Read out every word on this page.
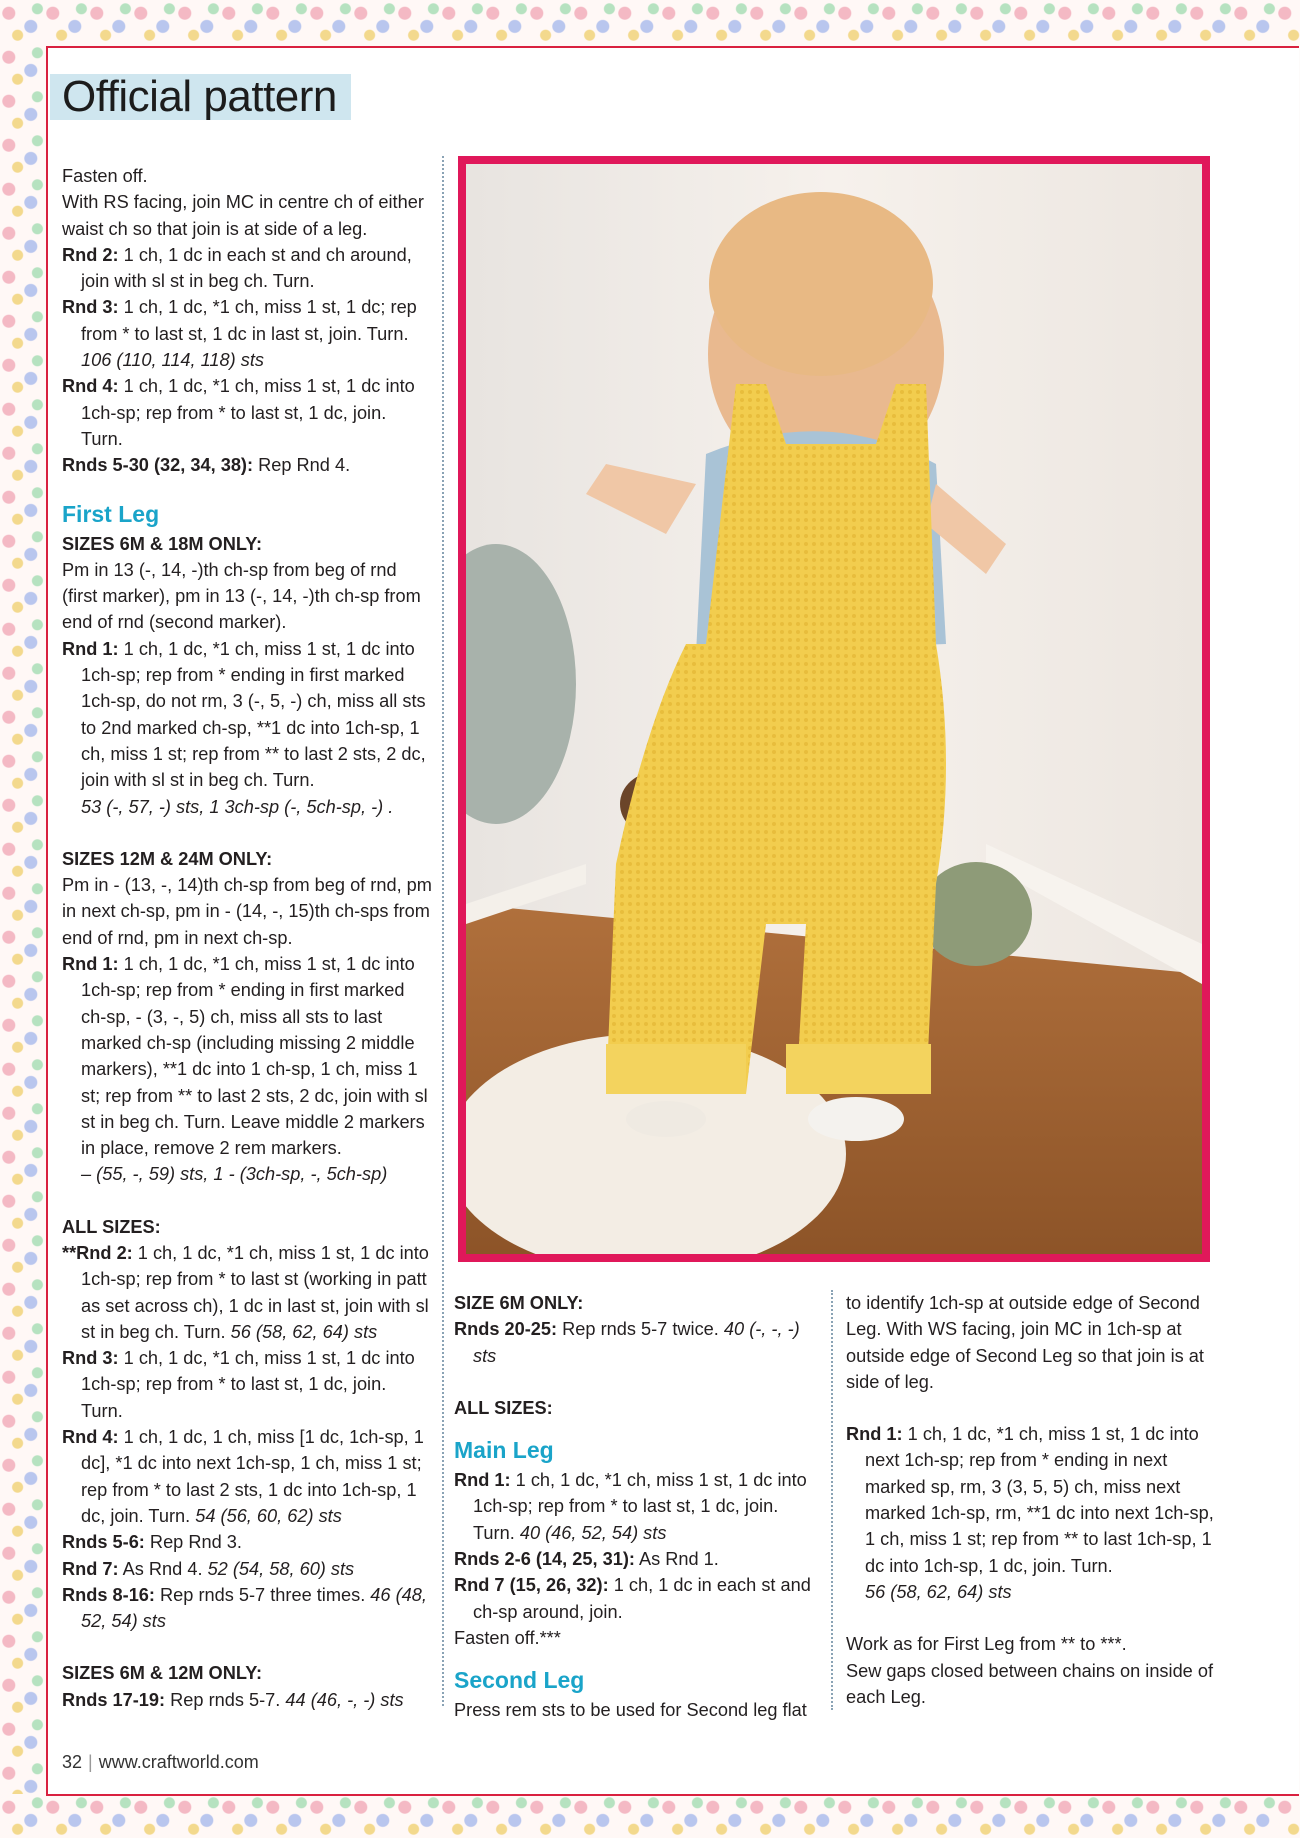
Official pattern

Fasten off.

With RS facing, join MC in centre ch of either waist ch so that join is at side of a leg.

Rnd 2: 1 ch, 1 dc in each st and ch around, join with sl st in beg ch. Turn.

Rnd 3: 1 ch, 1 dc, *1 ch, miss 1 st, 1 dc; rep from * to last st, 1 dc in last st, join. Turn.
106 (110, 114, 118) sts

Rnd 4: 1 ch, 1 dc, *1 ch, miss 1 st, 1 dc into 1ch-sp; rep from * to last st, 1 dc, join. Turn.

Rnds 5-30 (32, 34, 38): Rep Rnd 4.

First Leg
SIZES 6M & 18M ONLY:

Pm in 13 (-, 14, -)th ch-sp from beg of rnd (first marker), pm in 13 (-, 14, -)th ch-sp from end of rnd (second marker).

Rnd 1: 1 ch, 1 dc, *1 ch, miss 1 st, 1 dc into 1ch-sp; rep from * ending in first marked 1ch-sp, do not rm, 3 (-, 5, -) ch, miss all sts to 2nd marked ch-sp, **1 dc into 1ch-sp, 1 ch, miss 1 st; rep from ** to last 2 sts, 2 dc, join with sl st in beg ch. Turn.
53 (-, 57, -) sts, 1 3ch-sp (-, 5ch-sp, -) .

SIZES 12M & 24M ONLY:

Pm in - (13, -, 14)th ch-sp from beg of rnd, pm in next ch-sp, pm in - (14, -, 15)th ch-sps from end of rnd, pm in next ch-sp.

Rnd 1: 1 ch, 1 dc, *1 ch, miss 1 st, 1 dc into 1ch-sp; rep from * ending in first marked ch-sp, - (3, -, 5) ch, miss all sts to last marked ch-sp (including missing 2 middle markers), **1 dc into 1 ch-sp, 1 ch, miss 1 st; rep from ** to last 2 sts, 2 dc, join with sl st in beg ch. Turn. Leave middle 2 markers in place, remove 2 rem markers.
– (55, -, 59) sts, 1 - (3ch-sp, -, 5ch-sp)

ALL SIZES:

**Rnd 2: 1 ch, 1 dc, *1 ch, miss 1 st, 1 dc into 1ch-sp; rep from * to last st (working in patt as set across ch), 1 dc in last st, join with sl st in beg ch. Turn. 56 (58, 62, 64) sts

Rnd 3: 1 ch, 1 dc, *1 ch, miss 1 st, 1 dc into 1ch-sp; rep from * to last st, 1 dc, join. Turn.

Rnd 4: 1 ch, 1 dc, 1 ch, miss [1 dc, 1ch-sp, 1 dc], *1 dc into next 1ch-sp, 1 ch, miss 1 st; rep from * to last 2 sts, 1 dc into 1ch-sp, 1 dc, join. Turn. 54 (56, 60, 62) sts

Rnds 5-6: Rep Rnd 3.

Rnd 7: As Rnd 4. 52 (54, 58, 60) sts

Rnds 8-16: Rep rnds 5-7 three times. 46 (48, 52, 54) sts

SIZES 6M & 12M ONLY:

Rnds 17-19: Rep rnds 5-7. 44 (46, -, -) sts

SIZE 6M ONLY:

Rnds 20-25: Rep rnds 5-7 twice. 40 (-, -, -) sts

ALL SIZES:
Main Leg

Rnd 1: 1 ch, 1 dc, *1 ch, miss 1 st, 1 dc into 1ch-sp; rep from * to last st, 1 dc, join. Turn. 40 (46, 52, 54) sts

Rnds 2-6 (14, 25, 31): As Rnd 1.

Rnd 7 (15, 26, 32): 1 ch, 1 dc in each st and ch-sp around, join.

Fasten off.***

Second Leg

Press rem sts to be used for Second leg flat

to identify 1ch-sp at outside edge of Second Leg. With WS facing, join MC in 1ch-sp at outside edge of Second Leg so that join is at side of leg.

Rnd 1: 1 ch, 1 dc, *1 ch, miss 1 st, 1 dc into next 1ch-sp; rep from * ending in next marked sp, rm, 3 (3, 5, 5) ch, miss next marked 1ch-sp, rm, **1 dc into next 1ch-sp, 1 ch, miss 1 st; rep from ** to last 1ch-sp, 1 dc into 1ch-sp, 1 dc, join. Turn.
56 (58, 62, 64) sts

Work as for First Leg from ** to ***.

Sew gaps closed between chains on inside of each Leg.

32 | www.craftworld.com
